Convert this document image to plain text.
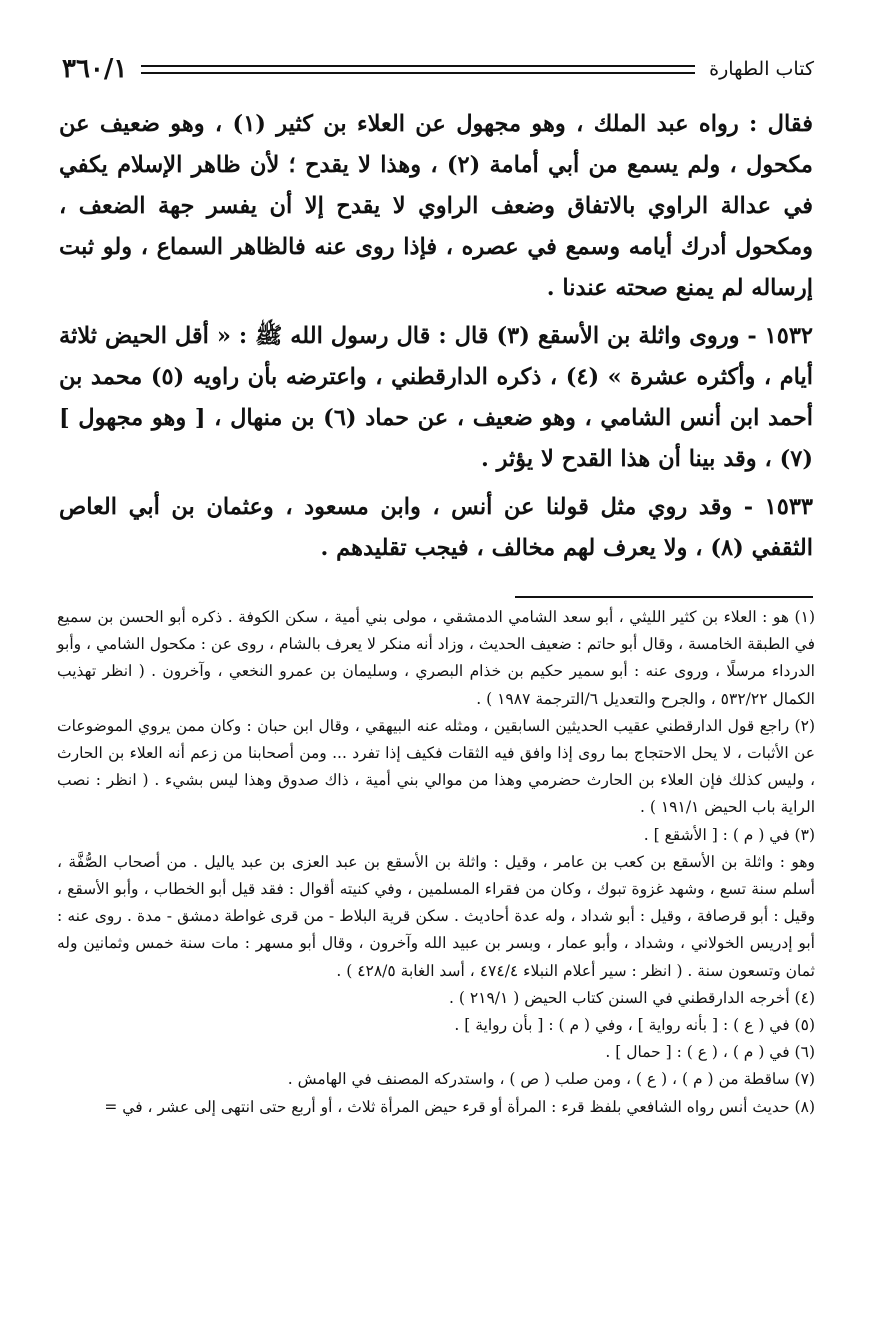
كتاب الطهارة
٣٦٠/١

فقال : رواه عبد الملك ، وهو مجهول عن العلاء بن كثير (١) ، وهو ضعيف عن مكحول ، ولم يسمع من أبي أمامة (٢) ، وهذا لا يقدح ؛ لأن ظاهر الإسلام يكفي في عدالة الراوي بالاتفاق وضعف الراوي لا يقدح إلا أن يفسر جهة الضعف ، ومكحول أدرك أيامه وسمع في عصره ، فإذا روى عنه فالظاهر السماع ، ولو ثبت إرساله لم يمنع صحته عندنا .

١٥٣٢ - وروى واثلة بن الأسقع (٣) قال : قال رسول الله ﷺ : « أقل الحيض ثلاثة أيام ، وأكثره عشرة » (٤) ، ذكره الدارقطني ، واعترضه بأن راويه (٥) محمد بن أحمد ابن أنس الشامي ، وهو ضعيف ، عن حماد (٦) بن منهال ، [ وهو مجهول ] (٧) ، وقد بينا أن هذا القدح لا يؤثر .

١٥٣٣ - وقد روي مثل قولنا عن أنس ، وابن مسعود ، وعثمان بن أبي العاص الثقفي (٨) ، ولا يعرف لهم مخالف ، فيجب تقليدهم .

(١) هو : العلاء بن كثير الليثي ، أبو سعد الشامي الدمشقي ، مولى بني أمية ، سكن الكوفة . ذكره أبو الحسن بن سميع في الطبقة الخامسة ، وقال أبو حاتم : ضعيف الحديث ، وزاد أنه منكر لا يعرف بالشام ، روى عن : مكحول الشامي ، وأبو الدرداء مرسلًا ، وروى عنه : أبو سمير حكيم بن خذام البصري ، وسليمان بن عمرو النخعي ، وآخرون . ( انظر تهذيب الكمال ٥٣٢/٢٢ ، والجرح والتعديل ٦/الترجمة ١٩٨٧ ) .

(٢) راجع قول الدارقطني عقيب الحديثين السابقين ، ومثله عنه البيهقي ، وقال ابن حبان : وكان ممن يروي الموضوعات عن الأثبات ، لا يحل الاحتجاج بما روى إذا وافق فيه الثقات فكيف إذا تفرد ... ومن أصحابنا من زعم أنه العلاء بن الحارث ، وليس كذلك فإن العلاء بن الحارث حضرمي وهذا من موالي بني أمية ، ذاك صدوق وهذا ليس بشيء . ( انظر : نصب الراية باب الحيض ١٩١/١ ) .

(٣) في ( م ) : [ الأشقع ] .

وهو : واثلة بن الأسقع بن كعب بن عامر ، وقيل : واثلة بن الأسقع بن عبد العزى بن عبد ياليل . من أصحاب الصُّفَّة ، أسلم سنة تسع ، وشهد غزوة تبوك ، وكان من فقراء المسلمين ، وفي كنيته أقوال : فقد قيل أبو الخطاب ، وأبو الأسقع ، وقيل : أبو قرصافة ، وقيل : أبو شداد ، وله عدة أحاديث . سكن قرية البلاط - من قرى غواطة دمشق - مدة . روى عنه : أبو إدريس الخولاني ، وشداد ، وأبو عمار ، وبسر بن عبيد الله وآخرون ، وقال أبو مسهر : مات سنة خمس وثمانين وله ثمان وتسعون سنة . ( انظر : سير أعلام النبلاء ٤٧٤/٤ ، أسد الغابة ٤٢٨/٥ ) .

(٤) أخرجه الدارقطني في السنن كتاب الحيض ( ٢١٩/١ ) .

(٥) في ( ع ) : [ بأنه رواية ] ، وفي ( م ) : [ بأن رواية ] .

(٦) في ( م ) ، ( ع ) : [ حمال ] .

(٧) ساقطة من ( م ) ، ( ع ) ، ومن صلب ( ص ) ، واستدركه المصنف في الهامش .

(٨) حديث أنس رواه الشافعي بلفظ قرء : المرأة أو قرء حيض المرأة ثلاث ، أو أربع حتى انتهى إلى عشر ، في =
